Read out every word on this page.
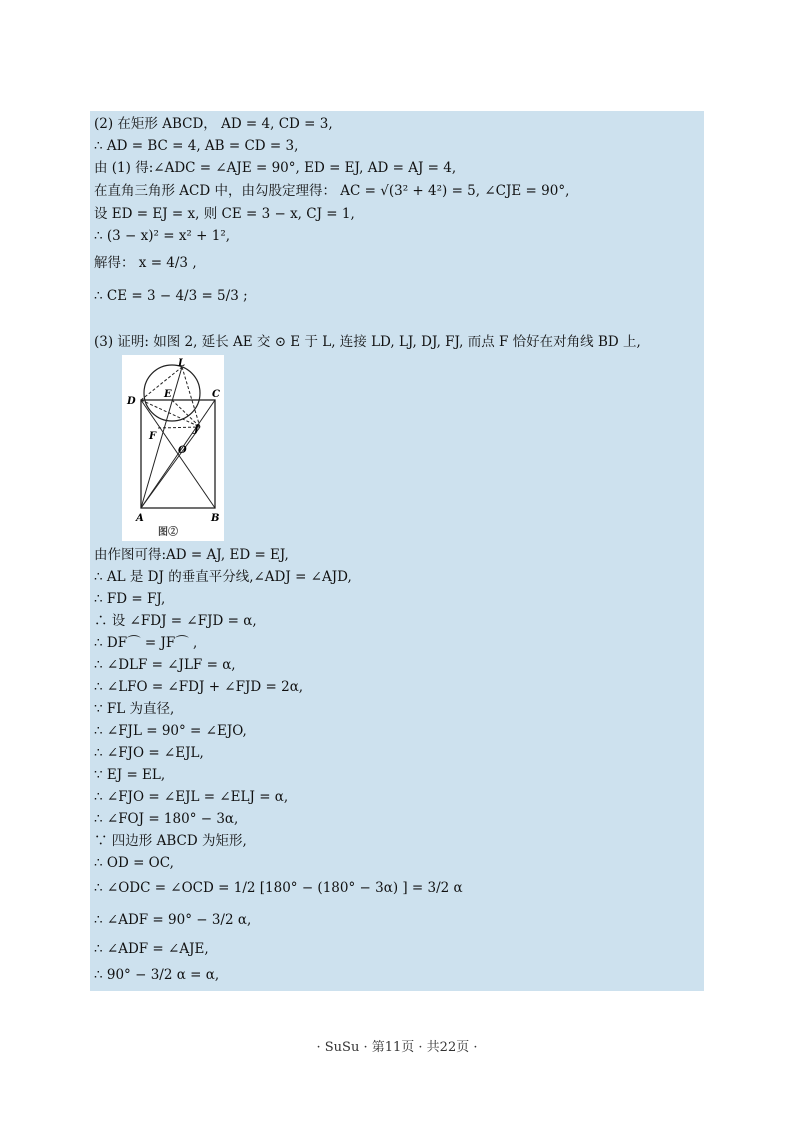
(2) 在矩形 ABCD， AD = 4, CD = 3,
∴ AD = BC = 4, AB = CD = 3,
由 (1) 得:∠ADC = ∠AJE = 90°, ED = EJ, AD = AJ = 4,
在直角三角形 ACD 中，由勾股定理得： AC = √(3² + 4²) = 5, ∠CJE = 90°,
设 ED = EJ = x, 则 CE = 3 − x, CJ = 1,
∴ (3 − x)² = x² + 1²,
解得： x = 4/3 ,
∴ CE = 3 − 4/3 = 5/3 ;
(3) 证明: 如图 2, 延长 AE 交 ⊙ E 于 L, 连接 LD, LJ, DJ, FJ, 而点 F 恰好在对角线 BD 上,
L
E
D
C
F
J
O
A	B
图②
由作图可得:AD = AJ, ED = EJ,
∴ AL 是 DJ 的垂直平分线,∠ADJ = ∠AJD,
∴ FD = FJ,
∴ 设 ∠FDJ = ∠FJD = α,
∴ DF⌒ = JF⌒ ,
∴ ∠DLF = ∠JLF = α,
∴ ∠LFO = ∠FDJ + ∠FJD = 2α,
∵ FL 为直径,
∴ ∠FJL = 90° = ∠EJO,
∴ ∠FJO = ∠EJL,
∵ EJ = EL,
∴ ∠FJO = ∠EJL = ∠ELJ = α,
∴ ∠FOJ = 180° − 3α,
∵ 四边形 ABCD 为矩形,
∴ OD = OC,
∴ ∠ODC = ∠OCD = 1/2 [180° − (180° − 3α) ] = 3/2 α
∴ ∠ADF = 90° − 3/2 α,
∴ ∠ADF = ∠AJE,
∴ 90° − 3/2 α = α,
· SuSu · 第11页 · 共22页 ·
